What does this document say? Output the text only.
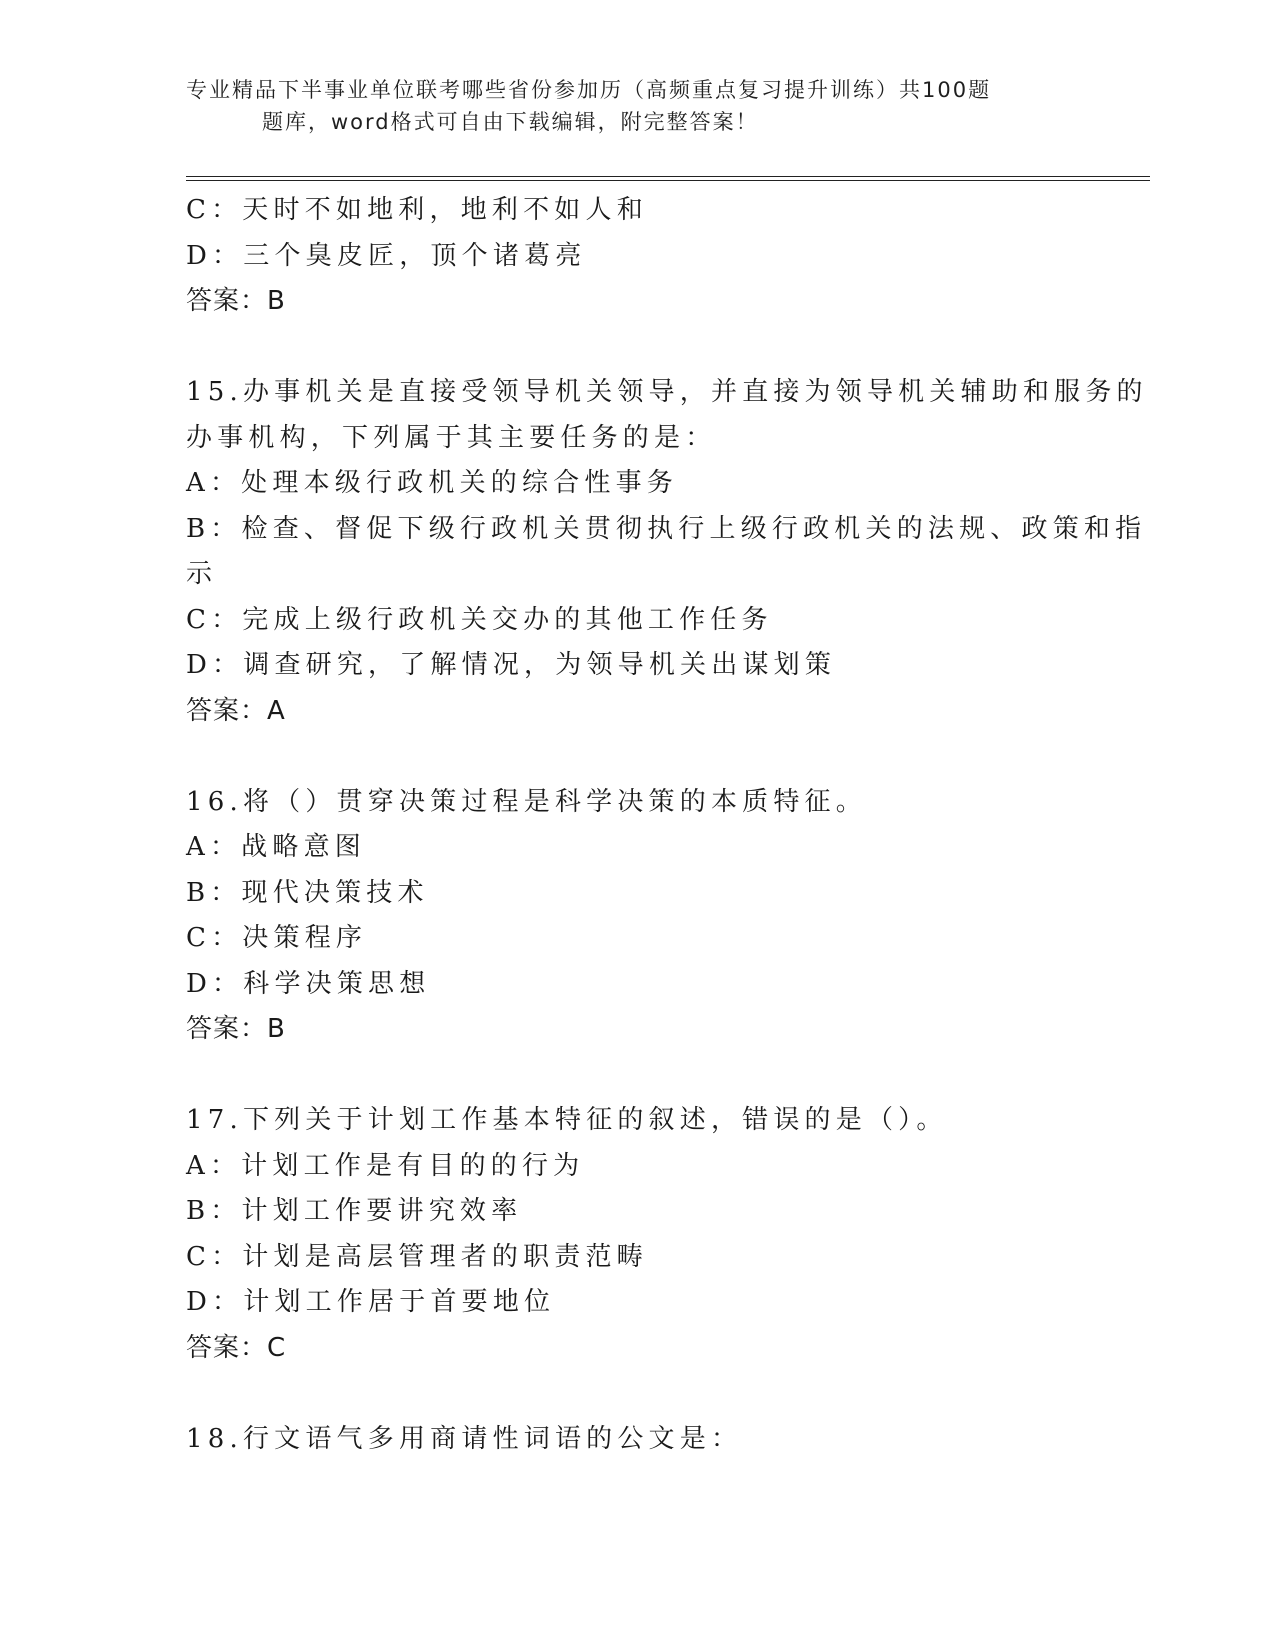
专业精品下半事业单位联考哪些省份参加历（高频重点复习提升训练）共100题
题库，word格式可自由下载编辑，附完整答案！

C：天时不如地利，地利不如人和

D：三个臭皮匠，顶个诸葛亮

答案：B

15.办事机关是直接受领导机关领导，并直接为领导机关辅助和服务的

办事机构，下列属于其主要任务的是：

A：处理本级行政机关的综合性事务

B：检查、督促下级行政机关贯彻执行上级行政机关的法规、政策和指

示

C：完成上级行政机关交办的其他工作任务

D：调查研究，了解情况，为领导机关出谋划策

答案：A

16.将（）贯穿决策过程是科学决策的本质特征。

A：战略意图

B：现代决策技术

C：决策程序

D：科学决策思想

答案：B

17.下列关于计划工作基本特征的叙述，错误的是（）。

A：计划工作是有目的的行为

B：计划工作要讲究效率

C：计划是高层管理者的职责范畴

D：计划工作居于首要地位

答案：C

18.行文语气多用商请性词语的公文是：
